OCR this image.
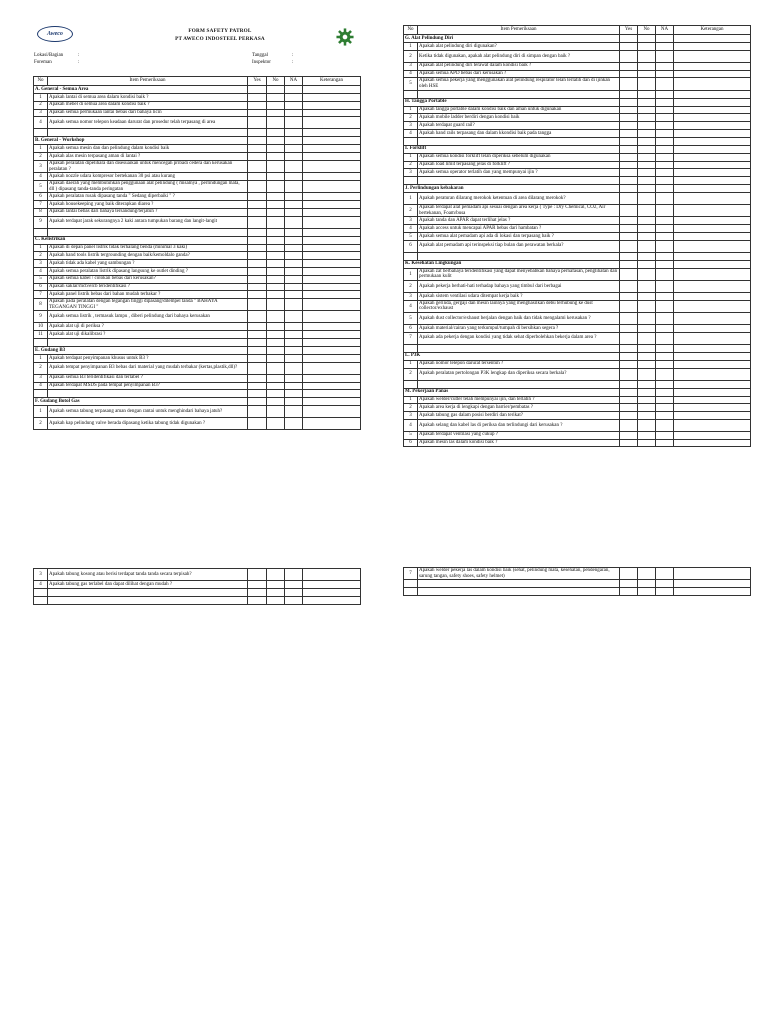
Aweco	FORM SAFETY PATROL
PT AWECO INDOSTEEL PERKASA
Lokasi/Bagian	:
Foreman	:
Tanggal	:
Inspektor	:
No	Item Pemeriksaan	Yes	No	NA	Keterangan
A. General - Semua Area					
1	Apakah lantai di semua area dalam kondisi baik ?				
2	Apakah mebel di semua area dalam kondisi baik ?				
3	Apakah semua permukaan lantai bebas dari bahaya licin				
4	Apakah semua nomor telepon keadaan darurat dan prosedur telah terpasang di area				

B. General - Workshop					
1	Apakah semua mesin dan dan pelindung dalam kondisi baik				
2	Apakah alas mesin terpasang aman di lantai ?				
3	Apakah peralatan dipelihara dan disesuaikan untuk mencegah pribadi cedera dan kerusakan peralatan ?				
4	Apakah nozzle udara kompresor bertekanan 30 psi atau kurang				
5	Apakah daerah yang membutuhkan penggunaan alat pelindung ( misalnya , perlindungan mata, dll ) dipasang tanda-tanda peringatan				
6	Apakah peralatan rusak dipasang tanda " Sedang diperbaiki " ?				
7	Apakah housekeeping yang baik diterapkan diarea ?				
8	Apakah lantai bebas dari bahaya tersandung/terjatuh ?				
9	Apakah terdapat jarak sekurangnya 2 kaki antara tumpukan barang dan langit-langit				

C. Kelistrikan					
1	Apakah di depan panel listrik tidak terhalang benda (minimal 3 kaki)				
2	Apakah hand tools listrik tergrounding dengan baik/kemoldalo ganda?				
3	Apakah tidak ada kabel yang sambungan ?				
4	Apakah semua peralatan listrik dipasang langsung ke outlet dinding ?				
5	Apakah semua kabel / colokan bebas dari kerusakan?				
6	Apakah saklar/mcb/elcb teridentifikasi ?				
7	Apakah panel listrik bebas dari bahan mudah terbakar ?				
8	Apakah pada peralatan dengan tegangan tinggi dipasang/ditempel tanda " BAHAYA TEGANGAN TINGGI "				
9	Apakah semua listrik , termasuk lampu , diberi pelindung dari bahaya kerusakan				
10	Apakah alat uji di periksa ?				
11	Apakah alat uji dikalibrasi ?				

E. Gudang B3					
1	Apakah terdapat penyimpanan khusus untuk B3 ?				
2	Apakah tempat penyimpanan B3 bebas dari material yang mudah terbakar (kertas,plastik,dll)?				
3	Apakah semua B3 teridentifikasi dan terlabel ?				
4	Apakah terdapat MSDS pada tempat penyimpanan B3?				

F. Gudang Botol Gas					
1	Apakah semua tabung terpasang aman dengan rantai untuk menghindari bahaya jatuh?				
2	Apakah kap pelindung valve berada dipasang ketika tabung tidak digunakan ?				
3	Apakah tabung kosong atau berisi terdapat tanda tanda secara terpisah?				
4	Apakah tabung gas terlabel dan dapat dilihat dengan mudah ?				

No	Item Pemeriksaan	Yes	No	NA	Keterangan
G. Alat Pelindung Diri					
1	Apakah alat pelindung diri digunakan?				
2	Ketika tidak digunakan, apakah alat pelindung diri di simpan dengan baik ?				
3	Apakah alat pelindung diri terawat dalam kondisi baik ?				
4	Apakah semua APD bebas dari kerusakan ?				
5	Apakah semua pekerja yang menggunakan alat pelindung respirator telah terlatih dan di ijinkan oleh HSE				

H. Tangga Portable					
1	Apakah tangga portable dalam kondisi baik dan aman untuk digunakan				
2	Apakah mobile ladder berdiri dengan kondisi baik				
3	Apakah terdapat guard rail?				
4	Apakah hand rails terpasang dan dalam kkondisi baik pada tangga				

I. Forklift					
1	Apakah semua kondisi forklift telah diperiksa sebelum digunakan				
2	Apakah load limit terpasang jelas di forklift ?				
3	Apakah semua operator terlatih dan yang mempunyai ijin ?				

J. Perlindungan kebakaran					
1	Apakah peraturan dilarang merokok ketentuan di area dilarang merokok?				
2	Apakah terdapat alat pemadam api sesuai dengan area kerja ( Type : Dry Chemical, CO2, Air bertekanan, Foam/busa				
3	Apakah tanda dan APAR dapat terlihat jelas ?				
4	Apakah access untuk mencapai APAR bebas dari hambatan ?				
5	Apakah semua alat pemadam api ada di lokasi dan terpasang baik ?				
6	Apakah alat pemadam api terinspeksi tiap bulan dan perawatan berkala?				

K. Kesehatan Lingkungan					
1	Apakah zat berbahaya teridentifikasi yang dapat menyebabkan bahaya pernafasan, penglihatan dan permukaan kulit				
2	Apakah pekerja berhati-hati terhadap bahaya yang timbul dari berbagai				
3	Apakah sistem ventilasi udara ditempat kerja baik ?				
4	Apakah gerinda, gergaji dan mesin lainnya yang menghasilkan debu terhubung ke dust collector/exhaust				
5	Apakah dust collector/exhaust berjalan dengan baik dan tidak mengalami kerusakan ?				
6	Apakah material/cairan yang terkumpul/tumpah di bersihkan segera ?				
7	Apakah ada pekerja dengan kondisi yang tidak sehat diperbolehkan bekerja dalam area ?				

L. P3K					
1	Apakah nomor telepon darurat tersentuh ?				
2	Apakah peralatan pertolongan P3K lengkap dan diperiksa secara berkala?				

M. Pekerjaan Panas					
1	Apakah welder/cutter telah mempunyai ijin, dan terlatih ?				
2	Apakah area kerja di lengkapi dengan barrier/pembatas ?				
3	Apakah tabung gas dalam posisi berdiri dan terikat?				
4	Apakah selang dan kabel las di periksa dan terlindungi dari kerusakan ?				
5	Apakah terdapat ventilasi yang cukup ?				
6	Apakah mesin las dalam kondisi baik ?				
7	Apakah welder pekerja las dalam kondisi baik (sehat, pelindung mata, kesehatan, pendengaran, sarung tangan, safety shoes, safety helmet)				
